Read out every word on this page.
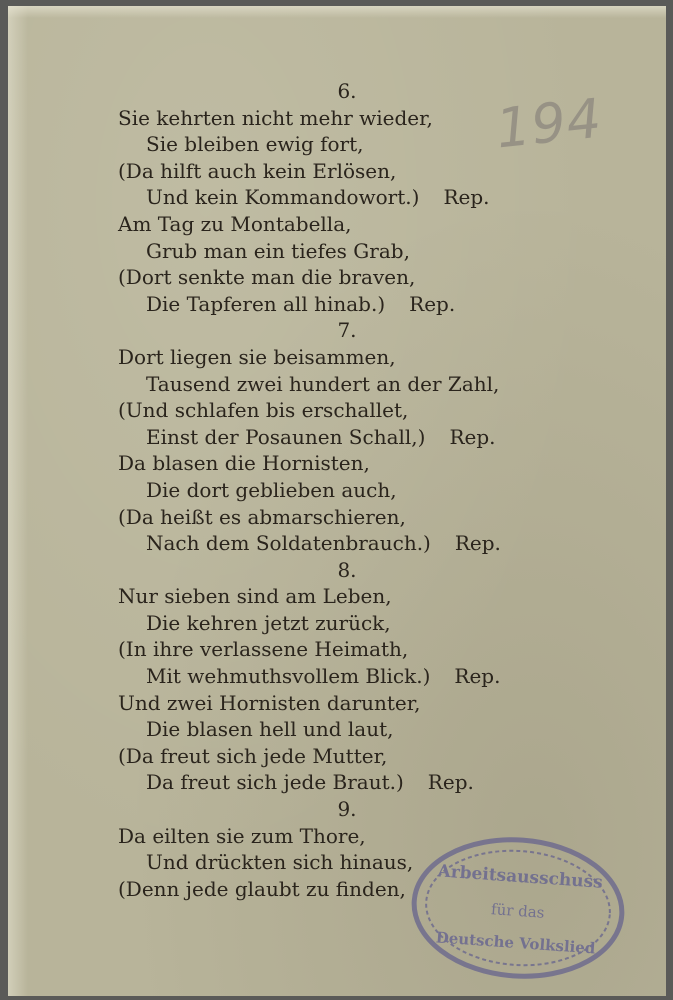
194
6.
Sie kehrten nicht mehr wieder,
Sie bleiben ewig fort,
(Da hilft auch kein Erlösen,
Und kein Kommandowort.) Rep.
Am Tag zu Montabella,
Grub man ein tiefes Grab,
(Dort senkte man die braven,
Die Tapferen all hinab.) Rep.
7.
Dort liegen sie beisammen,
Tausend zwei hundert an der Zahl,
(Und schlafen bis erschallet,
Einst der Posaunen Schall,) Rep.
Da blasen die Hornisten,
Die dort geblieben auch,
(Da heißt es abmarschieren,
Nach dem Soldatenbrauch.) Rep.
8.
Nur sieben sind am Leben,
Die kehren jetzt zurück,
(In ihre verlassene Heimath,
Mit wehmuthsvollem Blick.) Rep.
Und zwei Hornisten darunter,
Die blasen hell und laut,
(Da freut sich jede Mutter,
Da freut sich jede Braut.) Rep.
9.
Da eilten sie zum Thore,
Und drückten sich hinaus,
(Denn jede glaubt zu finden,	Arbeitsausschuss
für das
Deutsche Volkslied
